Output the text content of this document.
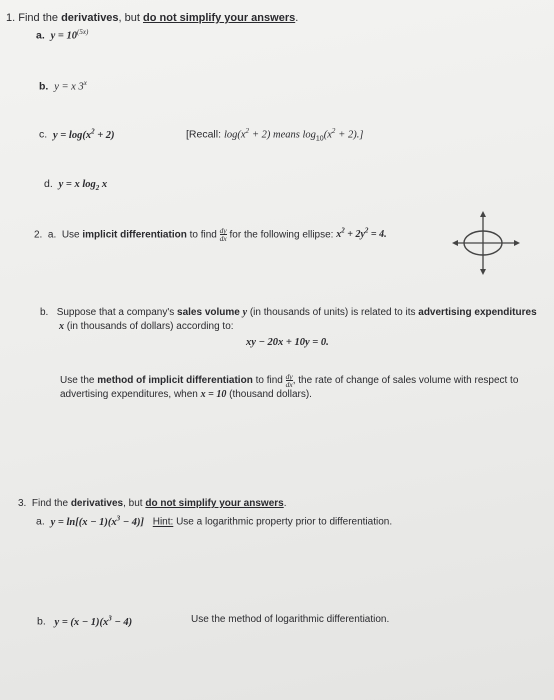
1. Find the derivatives, but do not simplify your answers.
a. $y = 10^{(5x)}$
b. y = x 3$^x$
c. $y = \log(x^2 + 2)$	[Recall: $\log(x^2 + 2)$ means $\log_{10}(x^2 + 2)$.]
d. y = x $\log_2 x$
2. a. Use implicit differentiation to find $\frac{dy}{dx}$ for the following ellipse: $x^2 + 2y^2 = 4$.
b. Suppose that a company's sales volume y (in thousands of units) is related to its advertising expenditures
x (in thousands of dollars) according to:
xy − 20x + 10y = 0.
Use the method of implicit differentiation to find $\frac{dy}{dx}$ , the rate of change of sales volume with respect to
advertising expenditures, when x = 10 (thousand dollars).
3. Find the derivatives, but do not simplify your answers.
a. $y = \ln[(x - 1)(x^3 - 4)]$ Hint: Use a logarithmic property prior to differentiation.
b. $y = (x - 1)(x^3 - 4)$	Use the method of logarithmic differentiation.
